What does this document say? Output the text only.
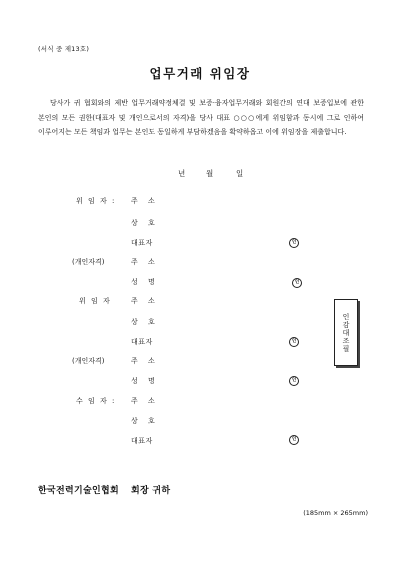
(서식 중 제13호)
업무거래 위임장

당사가 귀 협회와의 제반 업무거래약정체결 및 보증·융자업무거래와 회원간의 연대 보증입보에 관한 본인의 모든 권한(대표자 및 개인으로서의 자격)을 당사 대표 ○○○에게 위임함과 동시에 그로 인하여 이루어지는 모든 책임과 업무는 본인도 동일하게 부담하겠음을 확약하옵고 이에 위임장을 제출합니다.

년	월	일
위 임 자 : 주 소
상 호
대표자	인
(개인자격)	주 소
성 명	인
위 임 자	주 소
상 호
대표자	인
(개인자격)	주 소
성 명	인
수 임 자 : 주 소
상 호
대표자	인
인감대조필
한국전력기술인협회 회장 귀하
(185mm × 265mm)
